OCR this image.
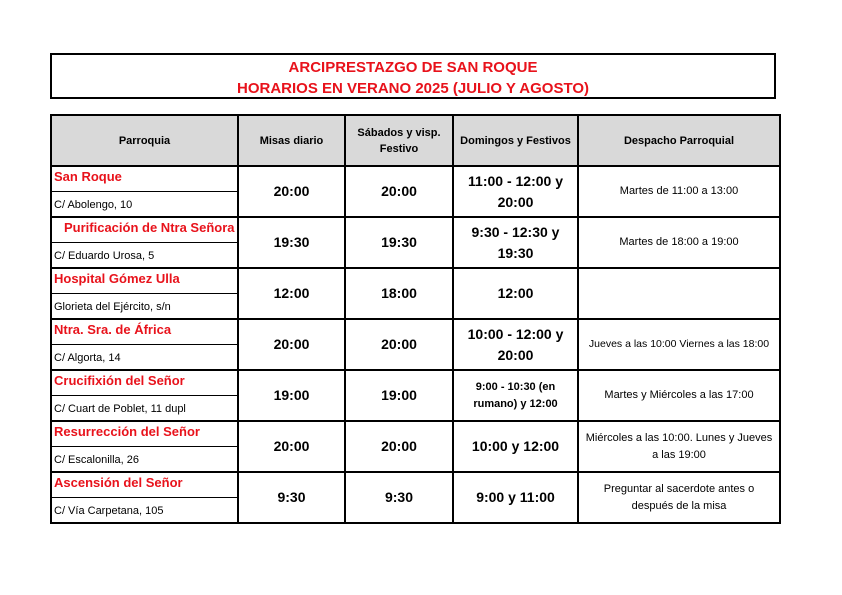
ARCIPRESTAZGO DE SAN ROQUE
HORARIOS EN VERANO 2025 (JULIO Y AGOSTO)
Parroquia	Misas diario	Sábados y visp. Festivo	Domingos y Festivos	Despacho Parroquial

San Roque
C/ Abolengo, 10	20:00	20:00	11:00 - 12:00 y 20:00	Martes de 11:00 a 13:00

Purificación de Ntra Señora
C/ Eduardo Urosa, 5	19:30	19:30	9:30 - 12:30 y 19:30	Martes de 18:00 a 19:00

Hospital Gómez Ulla
Glorieta del Ejército, s/n	12:00	18:00	12:00	

Ntra. Sra. de África
C/ Algorta, 14	20:00	20:00	10:00 - 12:00 y 20:00	Jueves a las 10:00 Viernes a las 18:00

Crucifixión del Señor
C/ Cuart de Poblet, 11 dupl	19:00	19:00	9:00 - 10:30 (en rumano) y 12:00	Martes y Miércoles a las 17:00

Resurrección del Señor
C/ Escalonilla, 26	20:00	20:00	10:00 y 12:00	Miércoles a las 10:00. Lunes y Jueves a las 19:00

Ascensión del Señor
C/ Vía Carpetana, 105	9:30	9:30	9:00 y 11:00	Preguntar al sacerdote antes o después de la misa
